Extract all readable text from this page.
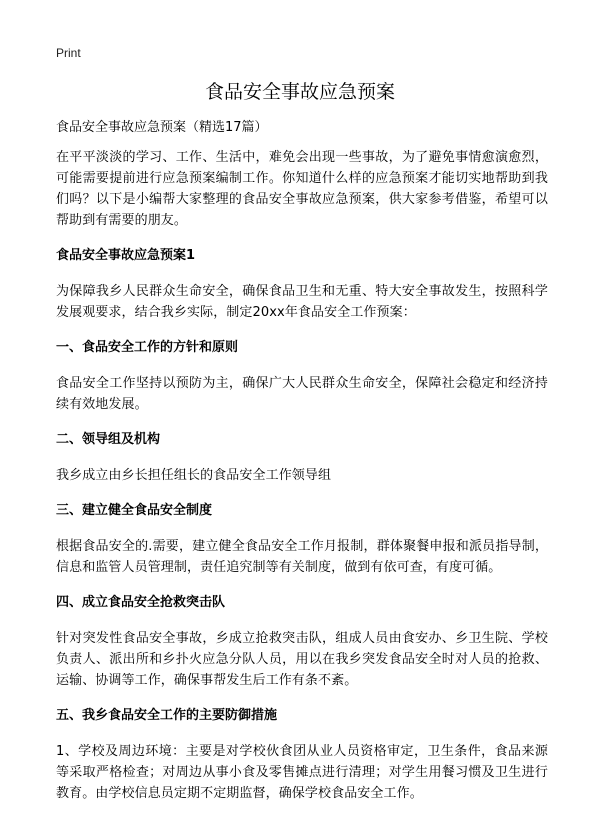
Print
食品安全事故应急预案

食品安全事故应急预案（精选17篇）

在平平淡淡的学习、工作、生活中，难免会出现一些事故，为了避免事情愈演愈烈，可能需要提前进行应急预案编制工作。你知道什么样的应急预案才能切实地帮助到我们吗？以下是小编帮大家整理的食品安全事故应急预案，供大家参考借鉴，希望可以帮助到有需要的朋友。

食品安全事故应急预案1

为保障我乡人民群众生命安全，确保食品卫生和无重、特大安全事故发生，按照科学发展观要求，结合我乡实际，制定20xx年食品安全工作预案：

一、食品安全工作的方针和原则

食品安全工作坚持以预防为主，确保广大人民群众生命安全，保障社会稳定和经济持续有效地发展。

二、领导组及机构

我乡成立由乡长担任组长的食品安全工作领导组

三、建立健全食品安全制度

根据食品安全的.需要，建立健全食品安全工作月报制，群体聚餐申报和派员指导制，信息和监管人员管理制，责任追究制等有关制度，做到有依可查，有度可循。

四、成立食品安全抢救突击队

针对突发性食品安全事故，乡成立抢救突击队，组成人员由食安办、乡卫生院、学校负责人、派出所和乡扑火应急分队人员，用以在我乡突发食品安全时对人员的抢救、运输、协调等工作，确保事帮发生后工作有条不紊。

五、我乡食品安全工作的主要防御措施

1、学校及周边环境：主要是对学校伙食团从业人员资格审定，卫生条件，食品来源等采取严格检查；对周边从事小食及零售摊点进行清理；对学生用餐习惯及卫生进行教育。由学校信息员定期不定期监督，确保学校食品安全工作。
